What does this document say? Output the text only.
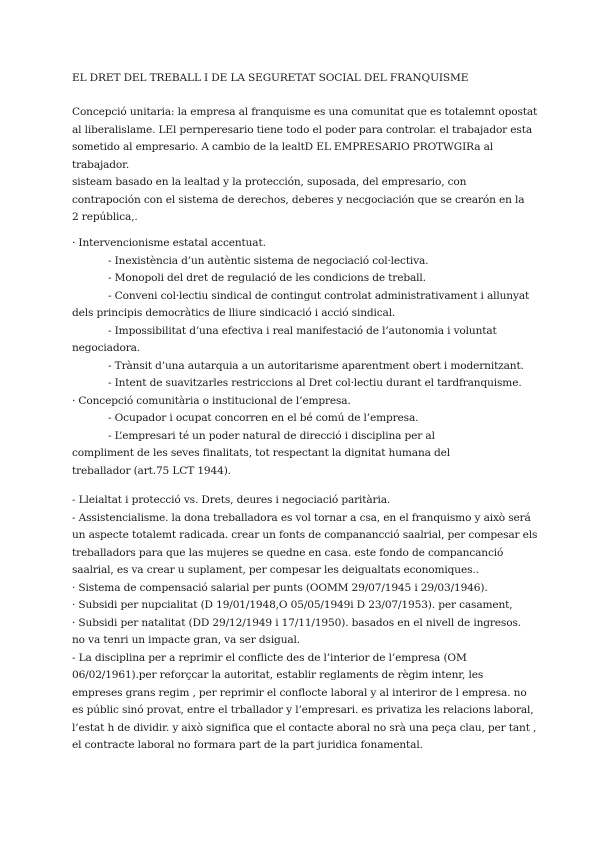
EL DRET DEL TREBALL I DE LA SEGURETAT SOCIAL DEL FRANQUISME
Concepció unitaria: la empresa al franquisme es una comunitat que es totalemnt opostat
al liberalislame. LEl pernperesario tiene todo el poder para controlar. el trabajador esta
sometido al empresario. A cambio de la lealtD EL EMPRESARIO PROTWGIRa al
trabajador.
sisteam basado en la lealtad y la protección, suposada, del empresario, con
contrapoción con el sistema de derechos, deberes y necgociación que se crearón en la
2 república,.
· Intervencionisme estatal accentuat.
- Inexistència d’un autèntic sistema de negociació col·lectiva.
- Monopoli del dret de regulació de les condicions de treball.
- Conveni col·lectiu sindical de contingut controlat administrativament i allunyat
dels principis democràtics de lliure sindicació i acció sindical.
- Impossibilitat d’una efectiva i real manifestació de l’autonomia i voluntat
negociadora.
- Trànsit d’una autarquia a un autoritarisme aparentment obert i modernitzant.
- Intent de suavitzarles restriccions al Dret col·lectiu durant el tardfranquisme.
· Concepció comunitària o institucional de l’empresa.
- Ocupador i ocupat concorren en el bé comú de l’empresa.
- L’empresari té un poder natural de direcció i disciplina per al
compliment de les seves finalitats, tot respectant la dignitat humana del
treballador (art.75 LCT 1944).
- Lleialtat i protecció vs. Drets, deures i negociació paritària.
- Assistencialisme. la dona treballadora es vol tornar a csa, en el franquismo y això será
un aspecte totalemt radicada. crear un fonts de companancció saalrial, per compesar els
treballadors para que las mujeres se quedne en casa. este fondo de compancanció
saalrial, es va crear u suplament, per compesar les deigualtats economiques..
· Sistema de compensació salarial per punts (OOMM 29/07/1945 i 29/03/1946).
· Subsidi per nupcialitat (D 19/01/1948,O 05/05/1949i D 23/07/1953). per casament,
· Subsidi per natalitat (DD 29/12/1949 i 17/11/1950). basados en el nivell de ingresos.
no va tenri un impacte gran, va ser dsigual.
- La disciplina per a reprimir el conflicte des de l’interior de l’empresa (OM
06/02/1961).per reforçcar la autoritat, establir reglaments de règim intenr, les
empreses grans regim , per reprimir el conflocte laboral y al interiror de l empresa. no
es públic sinó provat, entre el trballador y l’empresari. es privatiza les relacions laboral,
l’estat h de dividir. y això significa que el contacte aboral no srà una peça clau, per tant ,
el contracte laboral no formara part de la part juridica fonamental.
